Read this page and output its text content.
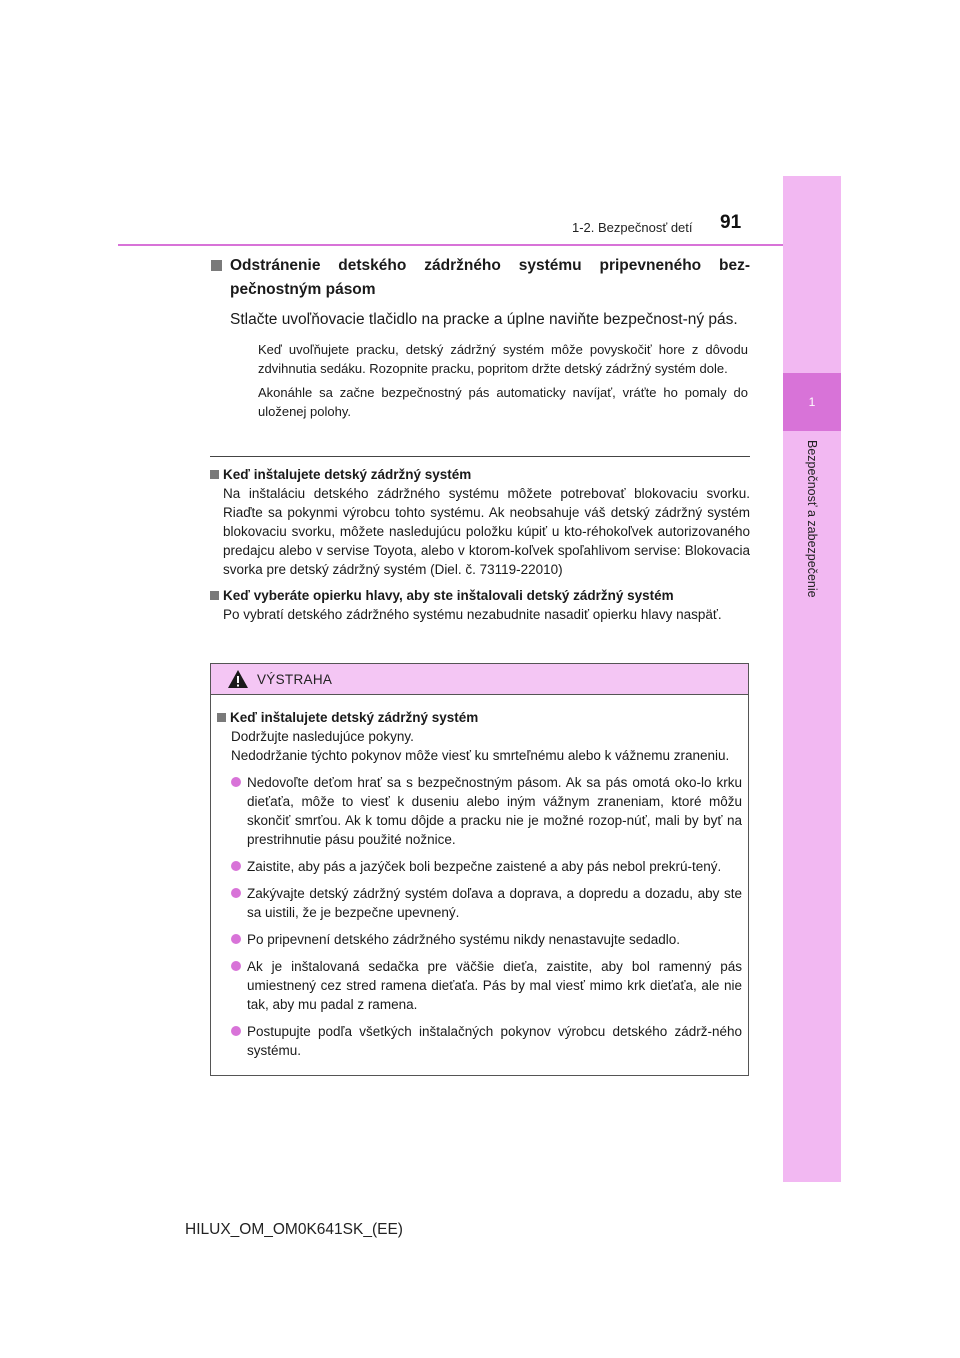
1
Bezpečnosť a zabezpečenie
91
1-2. Bezpečnosť detí

Odstránenie detského zádržného systému pripevneného bez-pečnostným pásom

Stlačte uvoľňovacie tlačidlo na pracke a úplne naviňte bezpečnost-ný pás.

Keď uvoľňujete pracku, detský zádržný systém môže povyskočiť hore z dôvodu zdvihnutia sedáku. Rozopnite pracku, popritom držte detský zádržný systém dole.

Akonáhle sa začne bezpečnostný pás automaticky navíjať, vráťte ho pomaly do uloženej polohy.

Keď inštalujete detský zádržný systém

Na inštaláciu detského zádržného systému môžete potrebovať blokovaciu svorku. Riaďte sa pokynmi výrobcu tohto systému. Ak neobsahuje váš detský zádržný systém blokovaciu svorku, môžete nasledujúcu položku kúpiť u kto-réhokoľvek autorizovaného predajcu alebo v servise Toyota, alebo v ktorom-koľvek spoľahlivom servise: Blokovacia svorka pre detský zádržný systém (Diel. č. 73119-22010)

Keď vyberáte opierku hlavy, aby ste inštalovali detský zádržný systém

Po vybratí detského zádržného systému nezabudnite nasadiť opierku hlavy naspäť.

VÝSTRAHA

Keď inštalujete detský zádržný systém

Dodržujte nasledujúce pokyny.

Nedodržanie týchto pokynov môže viesť ku smrteľnému alebo k vážnemu zraneniu.

Nedovoľte deťom hrať sa s bezpečnostným pásom. Ak sa pás omotá oko-lo krku dieťaťa, môže to viesť k duseniu alebo iným vážnym zraneniam, ktoré môžu skončiť smrťou. Ak k tomu dôjde a pracku nie je možné rozop-núť, mali by byť na prestrihnutie pásu použité nožnice.

Zaistite, aby pás a jazýček boli bezpečne zaistené a aby pás nebol prekrú-tený.

Zakývajte detský zádržný systém doľava a doprava, a dopredu a dozadu, aby ste sa uistili, že je bezpečne upevnený.

Po pripevnení detského zádržného systému nikdy nenastavujte sedadlo.

Ak je inštalovaná sedačka pre väčšie dieťa, zaistite, aby bol ramenný pás umiestnený cez stred ramena dieťaťa. Pás by mal viesť mimo krk dieťaťa, ale nie tak, aby mu padal z ramena.

Postupujte podľa všetkých inštalačných pokynov výrobcu detského zádrž-ného systému.

HILUX_OM_OM0K641SK_(EE)
